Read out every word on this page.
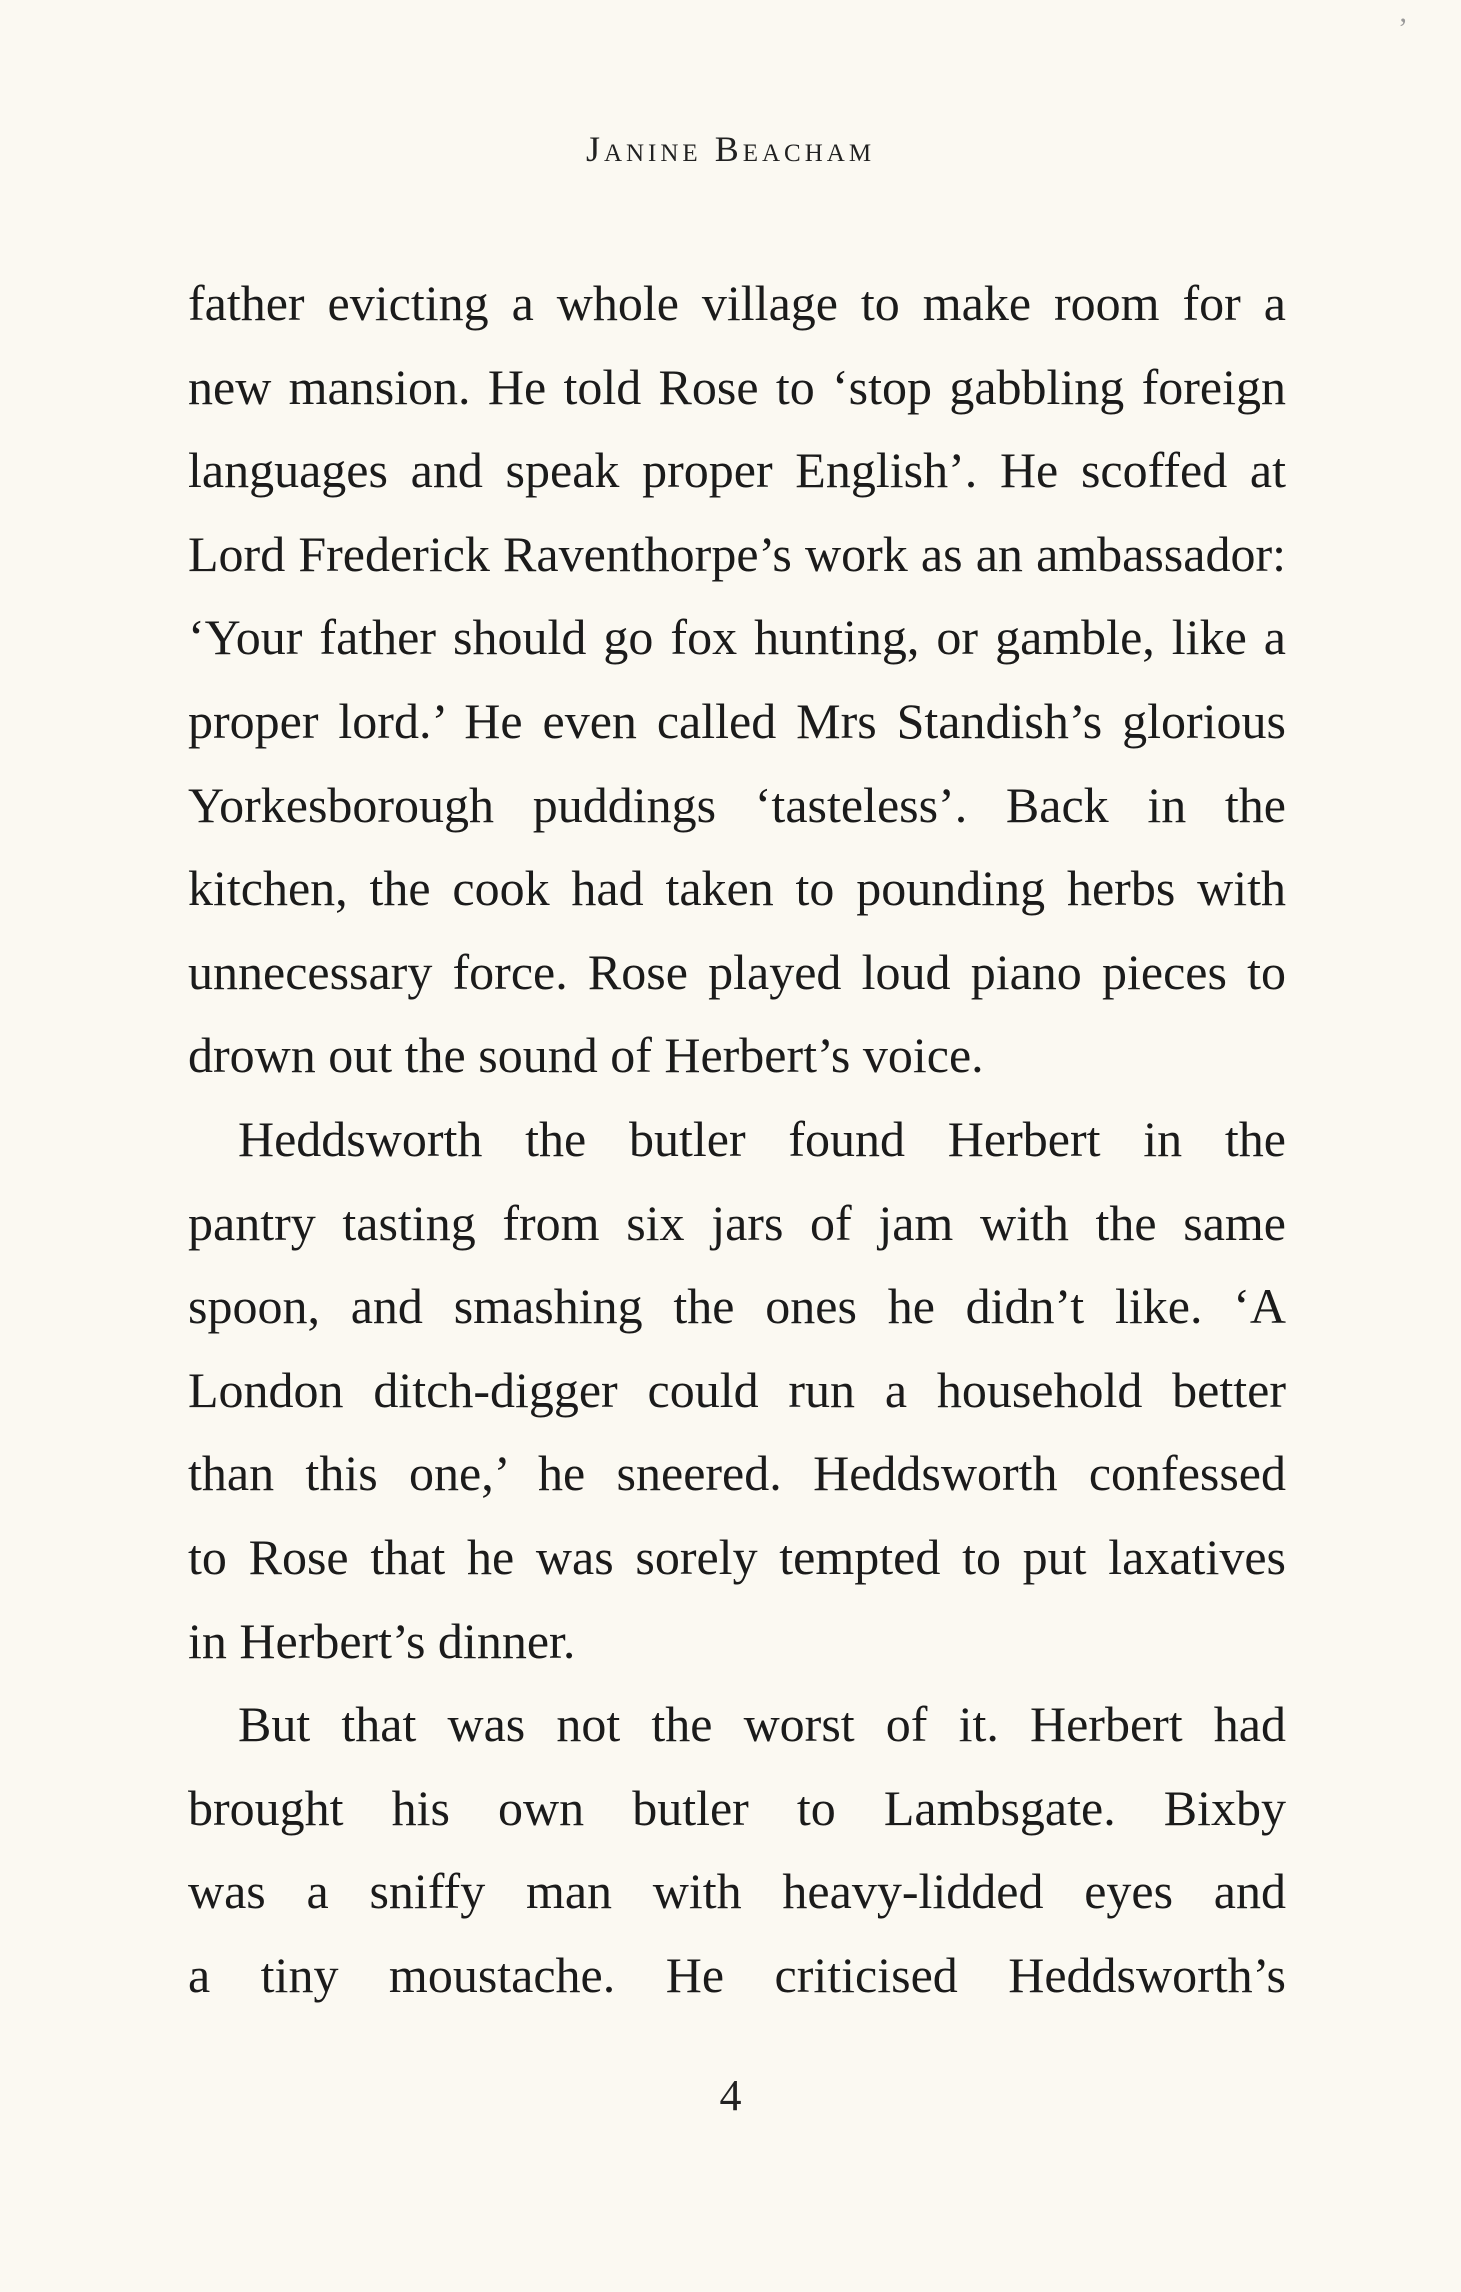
Janine Beacham
’
father evicting a whole village to make room for a
new mansion. He told Rose to ‘stop gabbling foreign
languages and speak proper English’. He scoffed at
Lord Frederick Raventhorpe’s work as an ambassador:
‘Your father should go fox hunting, or gamble, like a
proper lord.’ He even called Mrs Standish’s glorious
Yorkesborough puddings ‘tasteless’. Back in the
kitchen, the cook had taken to pounding herbs with
unnecessary force. Rose played loud piano pieces to
drown out the sound of Herbert’s voice.
Heddsworth the butler found Herbert in the
pantry tasting from six jars of jam with the same
spoon, and smashing the ones he didn’t like. ‘A
London ditch-digger could run a household better
than this one,’ he sneered. Heddsworth confessed
to Rose that he was sorely tempted to put laxatives
in Herbert’s dinner.
But that was not the worst of it. Herbert had
brought his own butler to Lambsgate. Bixby
was a sniffy man with heavy-lidded eyes and
a tiny moustache. He criticised Heddsworth’s
4
